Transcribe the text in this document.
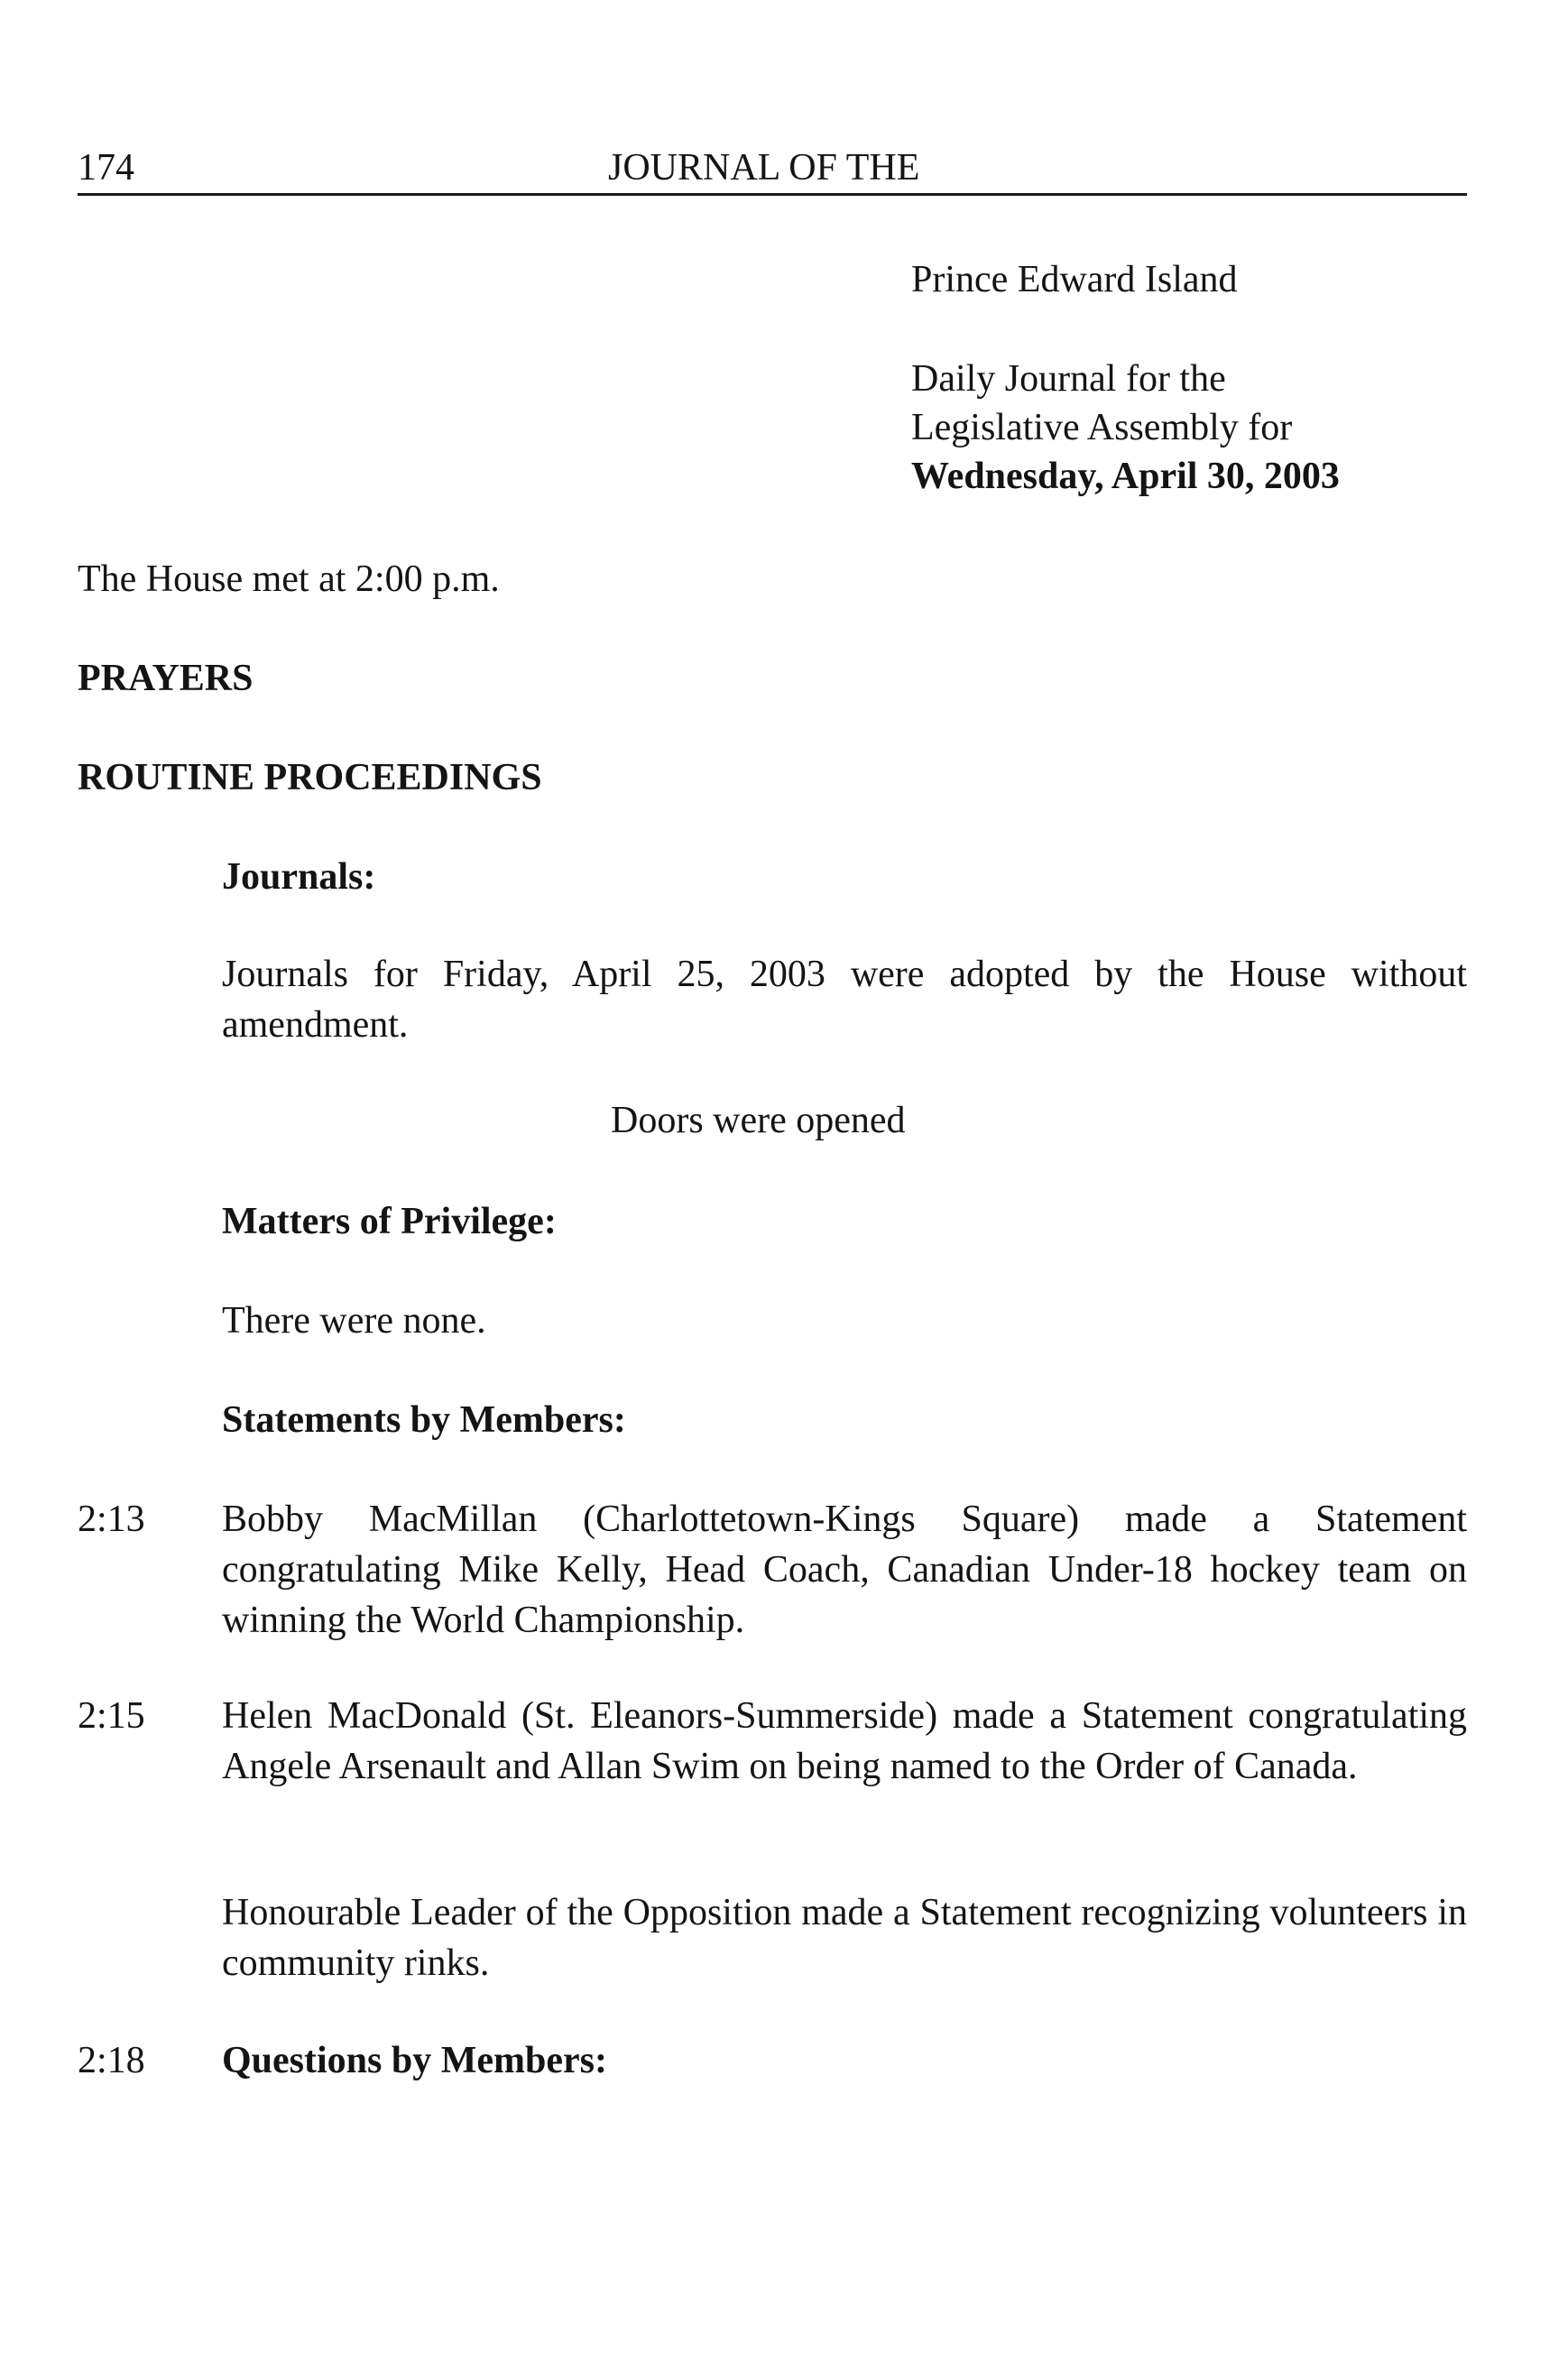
174	JOURNAL OF THE
Prince Edward Island
Daily Journal for the
Legislative Assembly for
Wednesday, April 30, 2003
The House met at 2:00 p.m.
PRAYERS
ROUTINE PROCEEDINGS
Journals:
Journals for Friday, April 25, 2003 were adopted by the House without amendment.
Doors were opened
Matters of Privilege:
There were none.
Statements by Members:
2:13 Bobby MacMillan (Charlottetown-Kings Square) made a Statement congratulating Mike Kelly, Head Coach, Canadian Under-18 hockey team on winning the World Championship.
2:15 Helen MacDonald (St. Eleanors-Summerside) made a Statement congratulating Angele Arsenault and Allan Swim on being named to the Order of Canada.
Honourable Leader of the Opposition made a Statement recognizing volunteers in community rinks.
2:18 Questions by Members:
